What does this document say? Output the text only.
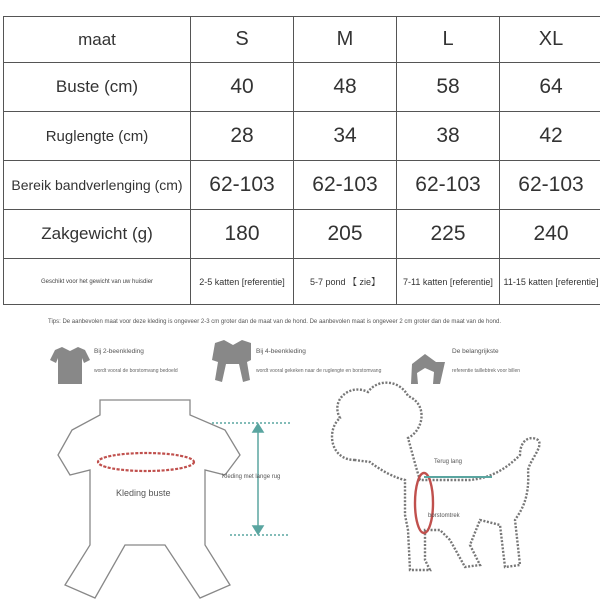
maat	S	M	L	XL
Buste (cm)	40	48	58	64
Ruglengte (cm)	28	34	38	42
Bereik bandverlenging (cm)	62-103	62-103	62-103	62-103
Zakgewicht (g)	180	205	225	240
Geschikt voor het gewicht van uw huisdier	2-5 katten [referentie]	5-7 pond 【 zie】	7-11 katten [referentie]	11-15 katten [referentie]
Tips: De aanbevolen maat voor deze kleding is ongeveer 2-3 cm groter dan de maat van de hond. De aanbevolen maat is ongeveer 2 cm groter dan de maat van de hond.
Bij 2-beenkleding
wordt vooral de borstomvang bedoeld
Bij 4-beenkleding
wordt vooral gekeken naar de ruglengte en borstomvang
De belangrijkste
referentie taillebtrek voor billen
Kleding buste
Kleding met lange rug
Terug lang
borstomtrek
